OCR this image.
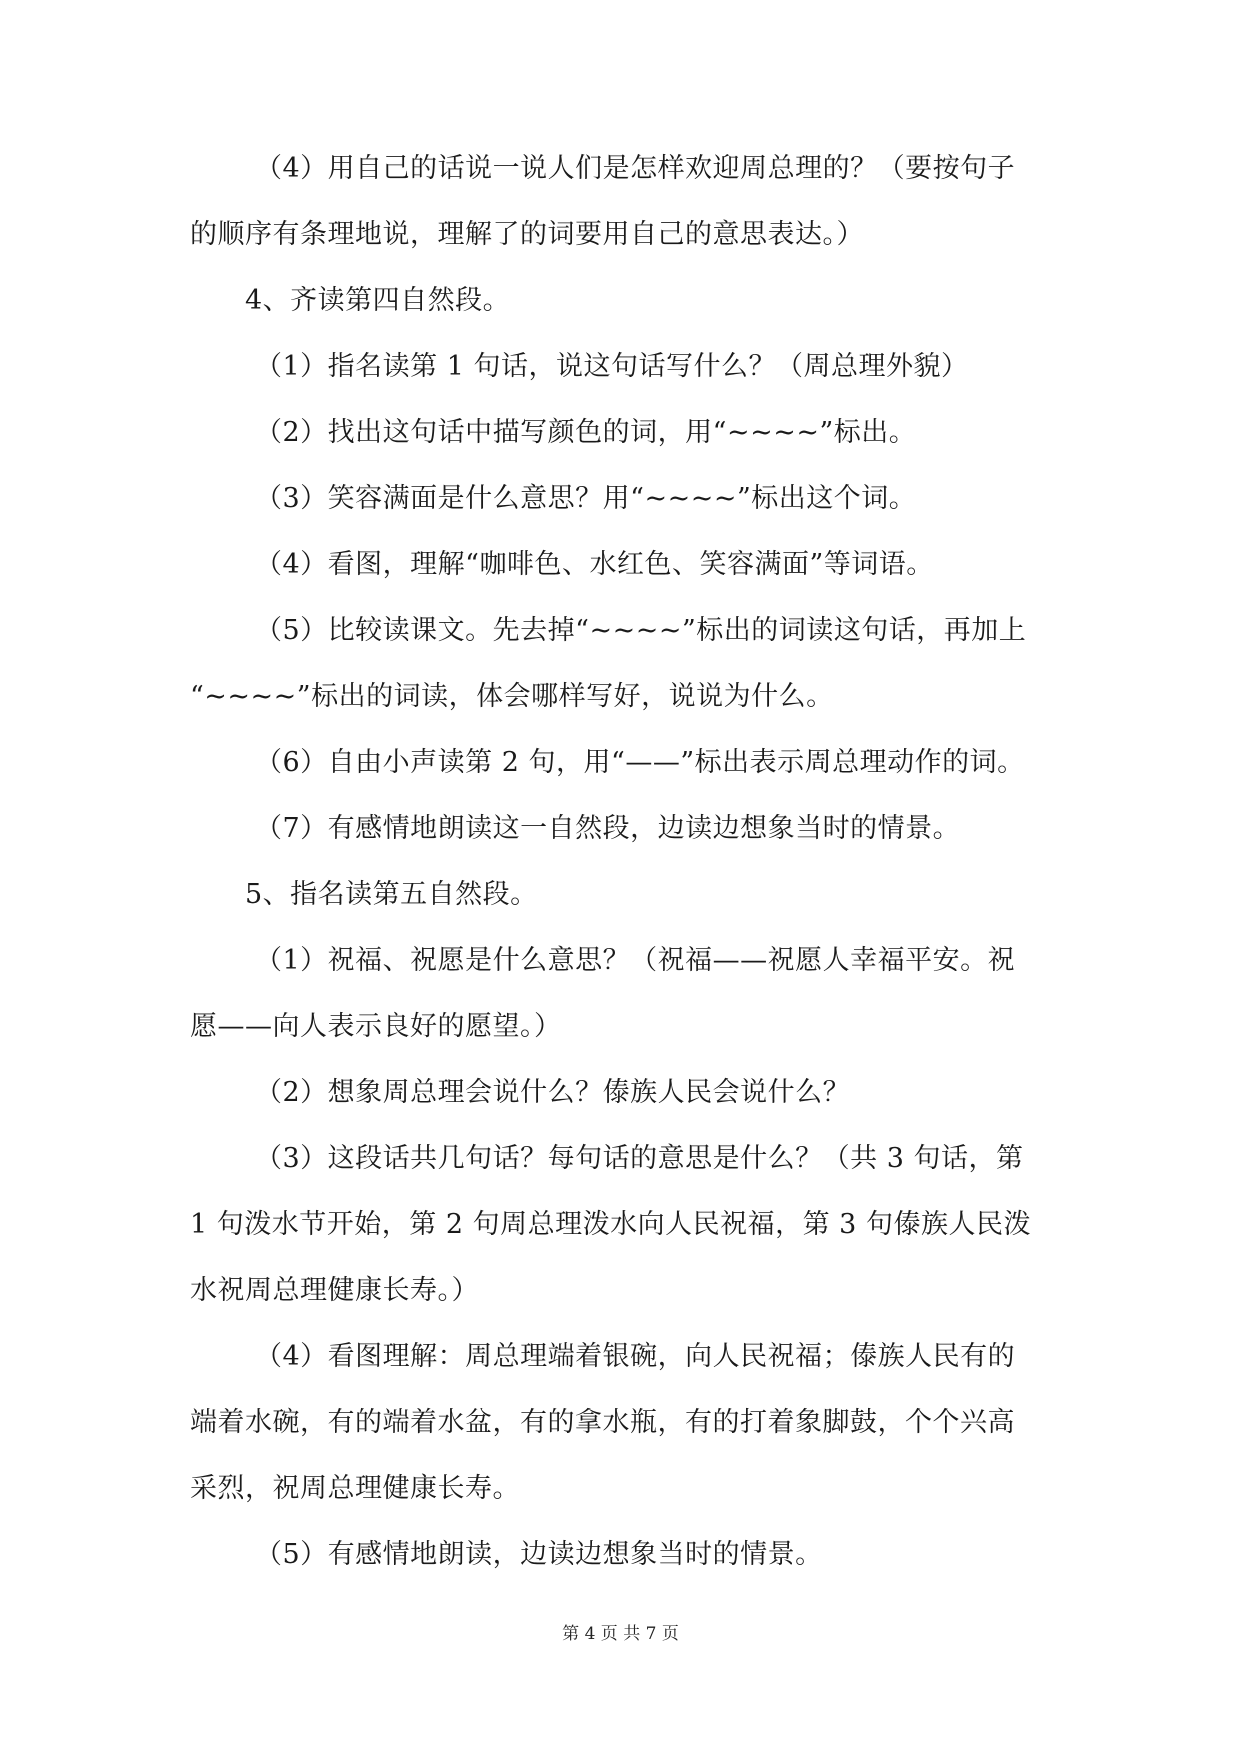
（4）用自己的话说一说人们是怎样欢迎周总理的？（要按句子
的顺序有条理地说，理解了的词要用自己的意思表达。）
4、齐读第四自然段。
（1）指名读第 1 句话，说这句话写什么？（周总理外貌）
（2）找出这句话中描写颜色的词，用“~~~~”标出。
（3）笑容满面是什么意思？用“~~~~”标出这个词。
（4）看图，理解“咖啡色、水红色、笑容满面”等词语。
（5）比较读课文。先去掉“~~~~”标出的词读这句话，再加上
“~~~~”标出的词读，体会哪样写好，说说为什么。
（6）自由小声读第 2 句，用“——”标出表示周总理动作的词。
（7）有感情地朗读这一自然段，边读边想象当时的情景。
5、指名读第五自然段。
（1）祝福、祝愿是什么意思？（祝福——祝愿人幸福平安。祝
愿——向人表示良好的愿望。）
（2）想象周总理会说什么？傣族人民会说什么？
（3）这段话共几句话？每句话的意思是什么？（共 3 句话，第
1 句泼水节开始，第 2 句周总理泼水向人民祝福，第 3 句傣族人民泼
水祝周总理健康长寿。）
（4）看图理解：周总理端着银碗，向人民祝福；傣族人民有的
端着水碗，有的端着水盆，有的拿水瓶，有的打着象脚鼓，个个兴高
采烈，祝周总理健康长寿。
（5）有感情地朗读，边读边想象当时的情景。
第 4 页 共 7 页
